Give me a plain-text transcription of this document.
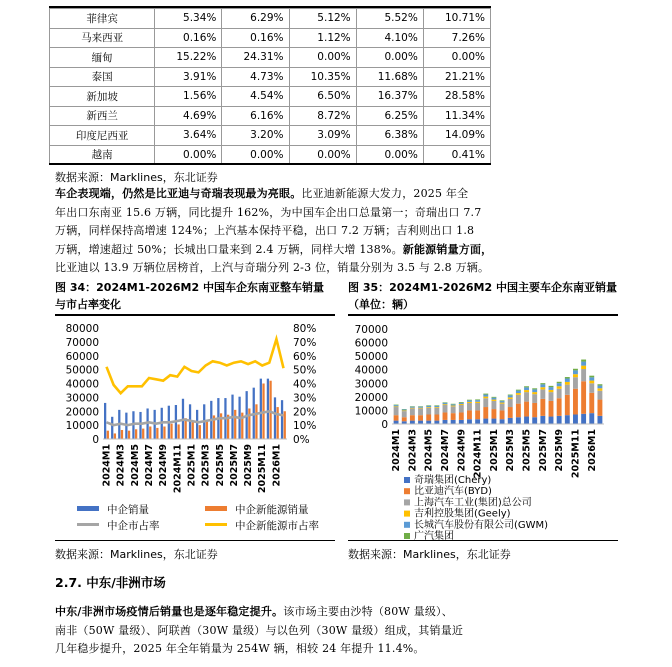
菲律宾	5.34%	6.29%	5.12%	5.52%	10.71%
马来西亚	0.16%	0.16%	1.12%	4.10%	7.26%
缅甸	15.22%	24.31%	0.00%	0.00%	0.00%
泰国	3.91%	4.73%	10.35%	11.68%	21.21%
新加坡	1.56%	4.54%	6.50%	16.37%	28.58%
新西兰	4.69%	6.16%	8.72%	6.25%	11.34%
印度尼西亚	3.64%	3.20%	3.09%	6.38%	14.09%
越南	0.00%	0.00%	0.00%	0.00%	0.41%
数据来源：Marklines，东北证券
车企表现端，仍然是比亚迪与奇瑞表现最为亮眼。比亚迪新能源大发力，2025 年全
年出口东南亚 15.6 万辆，同比提升 162%，为中国车企出口总量第一；奇瑞出口 7.7
万辆，同样保持高增速 124%；上汽基本保持平稳，出口 7.2 万辆；吉利则出口 1.8
万辆，增速超过 50%；长城出口量来到 2.4 万辆，同样大增 138%。新能源销量方面，
比亚迪以 13.9 万辆位居榜首，上汽与奇瑞分列 2-3 位，销量分别为 3.5 与 2.8 万辆。
图 34：2024M1-2026M2 中国车企东南亚整车销量
与市占率变化
图 35：2024M1-2026M2 中国主要车企东南亚销量
（单位：辆）
0
10000
20000
30000
40000
50000
60000
70000
80000
0%
10%
20%
30%
40%
50%
60%
70%
80%
2024M1 2024M3 2024M5 2024M7 2024M9 2024M11 2025M1 2025M3 2025M5 2025M7 2025M9 2025M11 2026M1
中企销量	中企新能源销量
中企市占率	中企新能源市占率
0
10000
20000
30000
40000
50000
60000
70000
2024M1 2024M3 2024M5 2024M7 2024M9 2024M11 2025M1 2025M3 2025M5 2025M7 2025M9 2025M11 2026M1
奇瑞集团(Chery)
比亚迪汽车(BYD)
上海汽车工业(集团)总公司
吉利控股集团(Geely)
长城汽车股份有限公司(GWM)
广汽集团
数据来源：Marklines，东北证券	数据来源：Marklines，东北证券
2.7. 中东/非洲市场
中东/非洲市场疫情后销量也是逐年稳定提升。该市场主要由沙特（80W 量级）、
南非（50W 量级）、阿联酋（30W 量级）与以色列（30W 量级）组成，其销量近
几年稳步提升，2025 年全年销量为 254W 辆，相较 24 年提升 11.4%。
